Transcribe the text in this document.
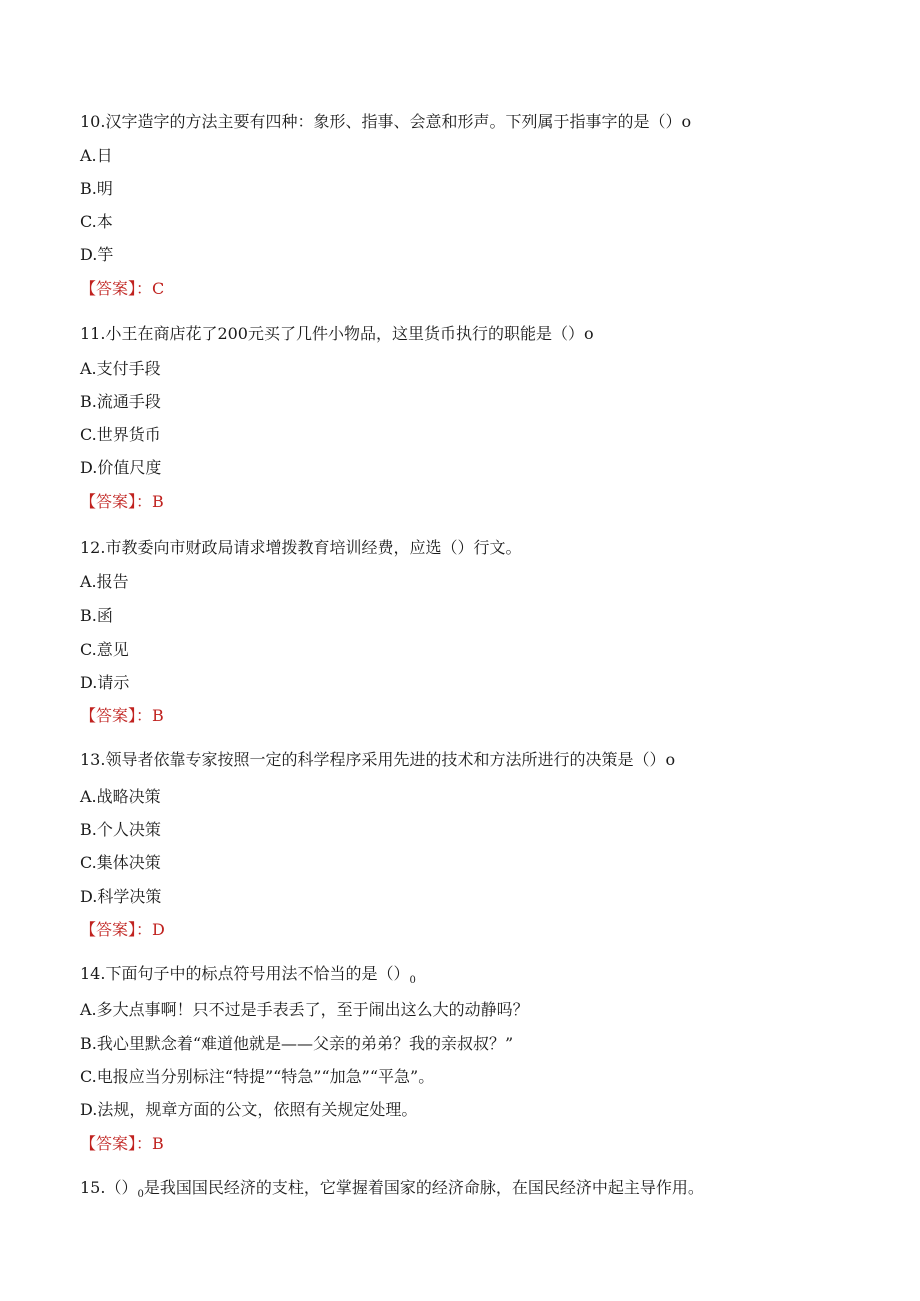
10.汉字造字的方法主要有四种：象形、指事、会意和形声。下列属于指事字的是（）o
A.日
B.明
C.本
D.竽
【答案】：C
11.小王在商店花了200元买了几件小物品，这里货币执行的职能是（）o
A.支付手段
B.流通手段
C.世界货币
D.价值尺度
【答案】：B
12.市教委向市财政局请求增拨教育培训经费，应选（）行文。
A.报告
B.函
C.意见
D.请示
【答案】：B
13.领导者依靠专家按照一定的科学程序采用先进的技术和方法所进行的决策是（）o
A.战略决策
B.个人决策
C.集体决策
D.科学决策
【答案】：D
14.下面句子中的标点符号用法不恰当的是$()_0$
A.多大点事啊！只不过是手表丢了，至于闹出这么大的动静吗？
B.我心里默念着“难道他就是——父亲的弟弟？我的亲叔叔？”
C.电报应当分别标注“特提”“特急”“加急”“平急”。
D.法规，规章方面的公文，依照有关规定处理。
【答案】：B
$15.()_0$是我国国民经济的支柱，它掌握着国家的经济命脉，在国民经济中起主导作用。
